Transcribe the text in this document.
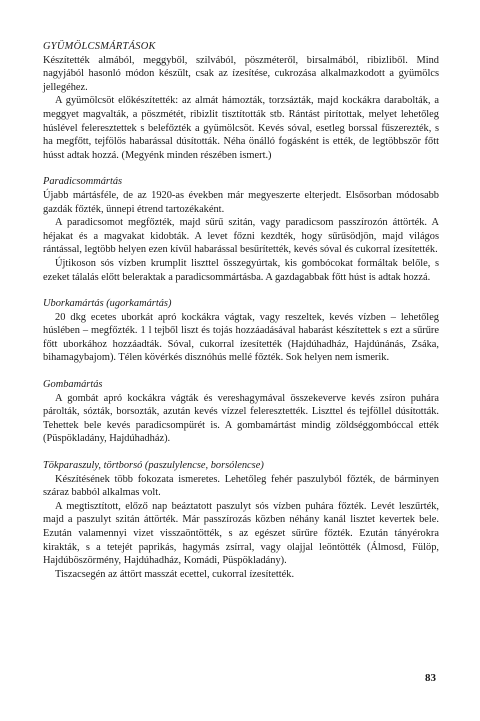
GYÜMÖLCSMÁRTÁSOK

Készítették almából, meggyből, szilvából, pöszméteről, birsalmából, ribizliből. Mind nagyjából hasonló módon készült, csak az ízesítése, cukrozása alkalmazkodott a gyümölcs jellegéhez.

A gyümölcsöt előkészítették: az almát hámozták, torzsázták, majd kockákra darabolták, a meggyet magvalták, a pöszmétét, ribizlit tisztították stb. Rántást pirítottak, melyet lehetőleg húslével feleresztettek s belefőzték a gyümölcsöt. Kevés sóval, esetleg borssal fűszerezték, s ha megfőtt, tejfölös habarással dúsították. Néha önálló fogásként is ették, de legtöbbször főtt hússt adtak hozzá. (Megyénk minden részében ismert.)

Paradicsommártás

Újabb mártásféle, de az 1920-as években már megyeszerte elterjedt. Elsősorban módosabb gazdák főzték, ünnepi étrend tartozékaként.

A paradicsomot megfőzték, majd sűrű szitán, vagy paradicsom passzírozón áttörték. A héjakat és a magvakat kidobták. A levet főzni kezdték, hogy sűrűsödjön, majd világos rántással, legtöbb helyen ezen kívül habarással besűrítették, kevés sóval és cukorral ízesítették.

Újtikoson sós vízben krumplit liszttel összegyúrtak, kis gombócokat formáltak belőle, s ezeket tálalás előtt beleraktak a paradicsommártásba. A gazdagabbak főtt húst is adtak hozzá.

Uborkamártás (ugorkamártás)

20 dkg ecetes uborkát apró kockákra vágtak, vagy reszeltek, kevés vízben – lehetőleg húslében – megfőzték. 1 l tejből liszt és tojás hozzáadásával habarást készítettek s ezt a sűrűre főtt uborkához hozzáadták. Sóval, cukorral ízesítették (Hajdúhadház, Hajdúnánás, Zsáka, bihamagybajom). Télen kövérkés disznóhús mellé főzték. Sok helyen nem ismerik.

Gombamártás

A gombát apró kockákra vágták és vereshagymával összekeverve kevés zsíron puhára párolták, sózták, borsozták, azután kevés vízzel feleresztették. Liszttel és tejföllel dúsították. Tehettek bele kevés paradicsompürét is. A gombamártást mindig zöldséggombóccal ették (Püspökladány, Hajdúhadház).

Tökparaszuly, törtborsó (paszulylencse, borsólencse)

Készítésének több fokozata ismeretes. Lehetőleg fehér paszulyból főzték, de bárminyen száraz babból alkalmas volt.

A megtisztított, előző nap beáztatott paszulyt sós vízben puhára főzték. Levét leszűrték, majd a paszulyt szitán áttörték. Már passzírozás közben néhány kanál lisztet kevertek bele. Ezután valamennyi vizet visszaöntötték, s az egészet sűrűre főzték. Ezután tányérokra kirakták, s a tetejét paprikás, hagymás zsírral, vagy olajjal leöntötték (Álmosd, Fülöp, Hajdúböszörmény, Hajdúhadház, Komádi, Püspökladány).

Tiszacsegén az áttört masszát ecettel, cukorral ízesítették.

83
